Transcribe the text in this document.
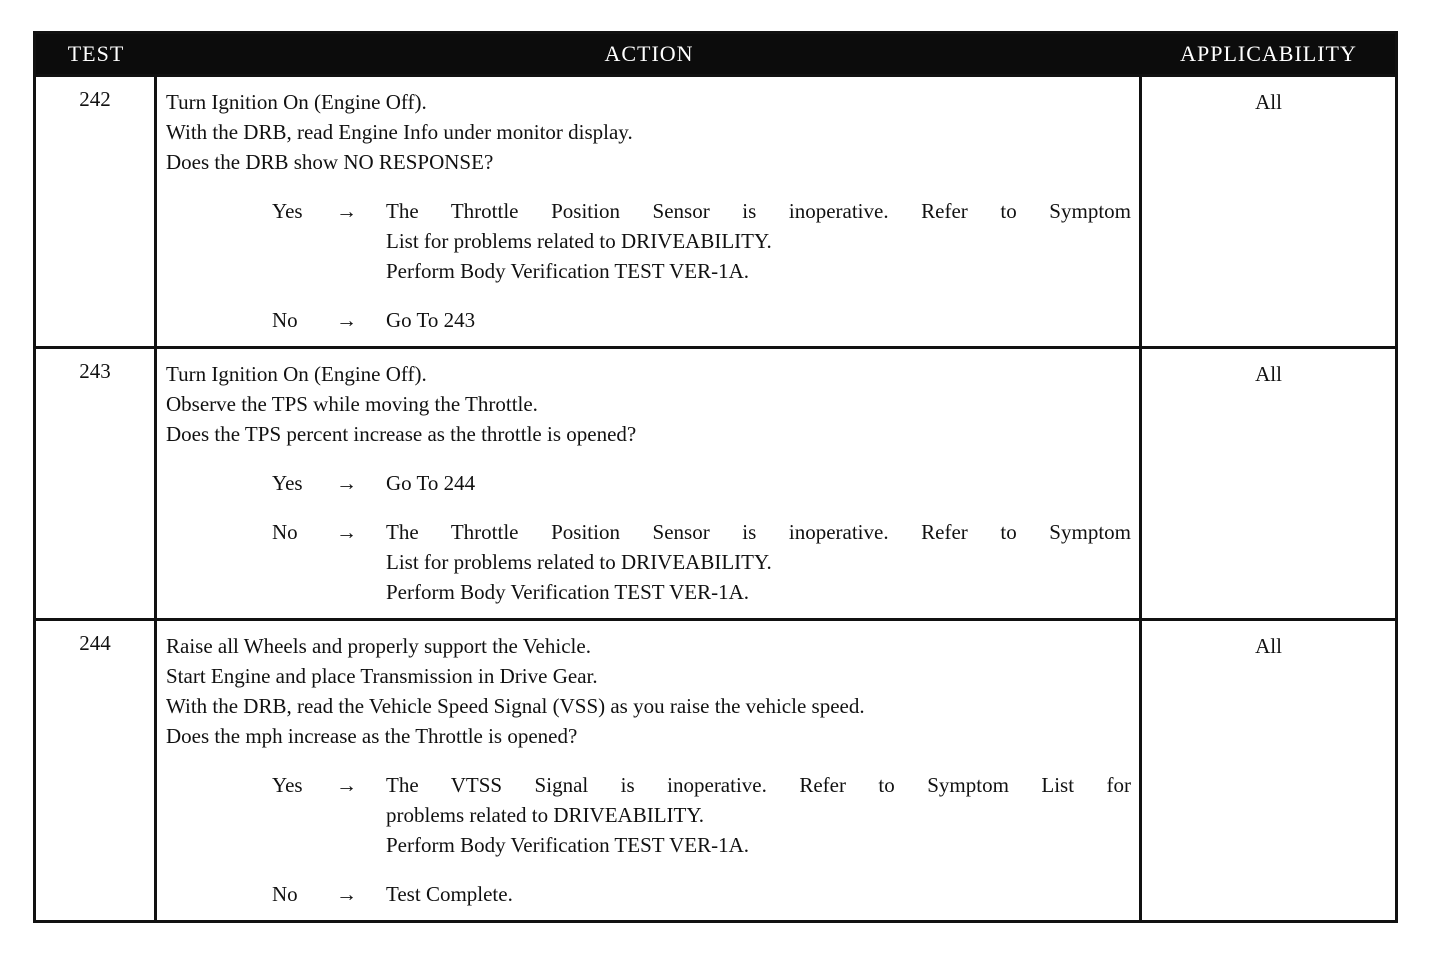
TEST	ACTION	APPLICABILITY
242	Turn Ignition On (Engine Off).
With the DRB, read Engine Info under monitor display.
Does the DRB show NO RESPONSE?
Yes	→	The Throttle Position Sensor is inoperative. Refer to Symptom
List for problems related to DRIVEABILITY.
Perform Body Verification TEST VER-1A.
No	→	Go To 243
All
243	Turn Ignition On (Engine Off).
Observe the TPS while moving the Throttle.
Does the TPS percent increase as the throttle is opened?
Yes	→	Go To 244
No	→	The Throttle Position Sensor is inoperative. Refer to Symptom
List for problems related to DRIVEABILITY.
Perform Body Verification TEST VER-1A.
All
244	Raise all Wheels and properly support the Vehicle.
Start Engine and place Transmission in Drive Gear.
With the DRB, read the Vehicle Speed Signal (VSS) as you raise the vehicle speed.
Does the mph increase as the Throttle is opened?
Yes	→	The VTSS Signal is inoperative. Refer to Symptom List for
problems related to DRIVEABILITY.
Perform Body Verification TEST VER-1A.
No	→	Test Complete.
All
